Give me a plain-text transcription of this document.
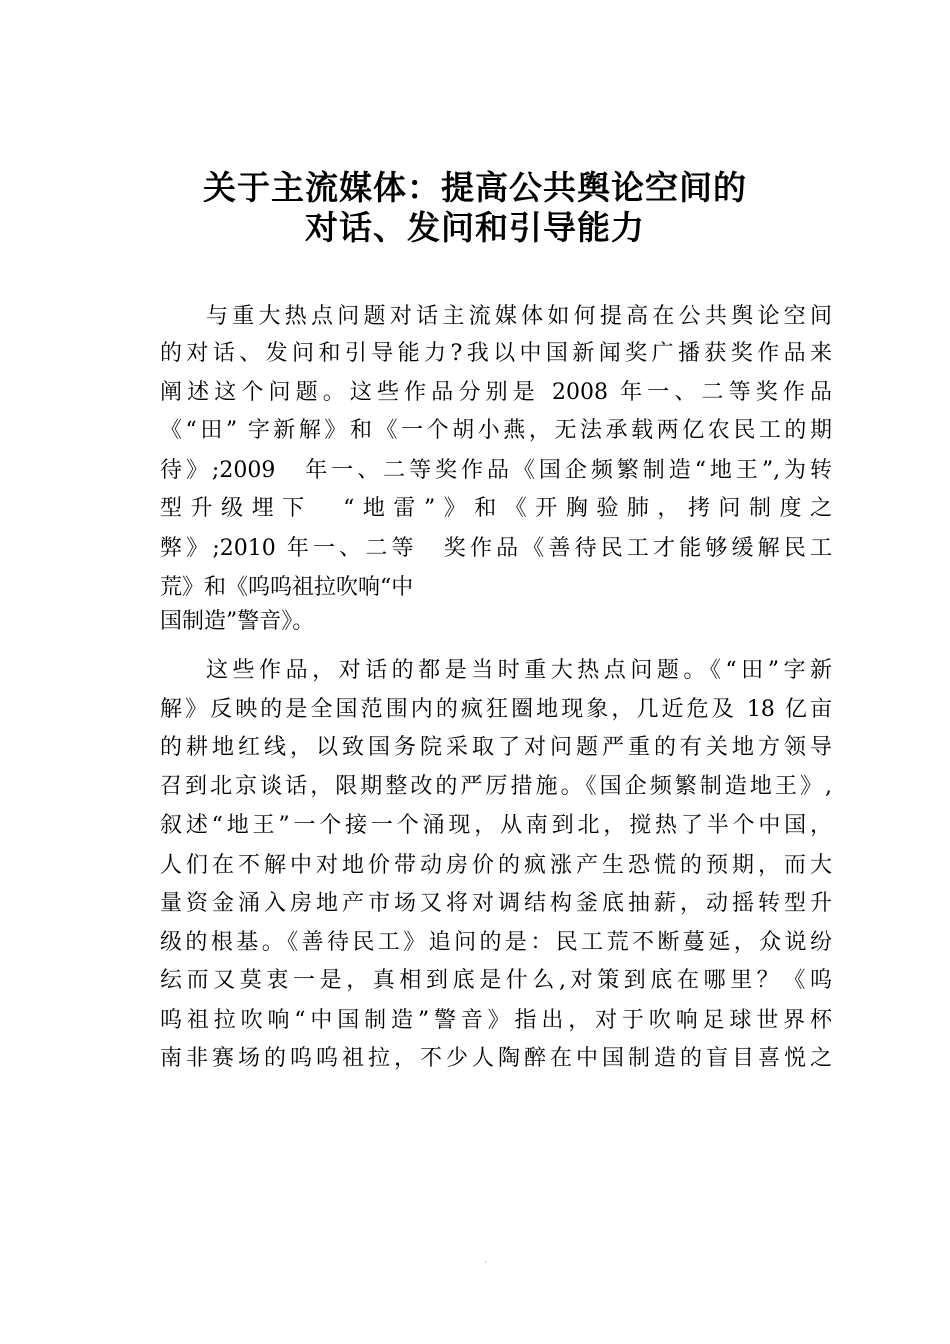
关于主流媒体：提高公共舆论空间的
对话、发问和引导能力
与重大热点问题对话主流媒体如何提高在公共舆论空间
的对话、发问和引导能力?我以中国新闻奖广播获奖作品来
阐述这个问题。这些作品分别是 2008 年一、二等奖作品
《“田” 字新解》和《一个胡小燕，无法承载两亿农民工的期
待》;2009　年一、二等奖作品《国企频繁制造“地王”,为转
型升级埋下　“地雷”》和《开胸验肺，拷问制度之
弊》;2010 年一、二等　奖作品《善待民工才能够缓解民工
荒》和《呜呜祖拉吹响“中
国制造”警音》。
这些作品，对话的都是当时重大热点问题。《“田”字新
解》反映的是全国范围内的疯狂圈地现象，几近危及 18 亿亩
的耕地红线，以致国务院采取了对问题严重的有关地方领导
召到北京谈话，限期整改的严厉措施。《国企频繁制造地王》,
叙述“地王”一个接一个涌现，从南到北，搅热了半个中国，
人们在不解中对地价带动房价的疯涨产生恐慌的预期，而大
量资金涌入房地产市场又将对调结构釜底抽薪，动摇转型升
级的根基。《善待民工》追问的是：民工荒不断蔓延，众说纷
纭而又莫衷一是，真相到底是什么,对策到底在哪里？《呜
呜祖拉吹响“中国制造”警音》指出，对于吹响足球世界杯
南非赛场的呜呜祖拉，不少人陶醉在中国制造的盲目喜悦之
·
